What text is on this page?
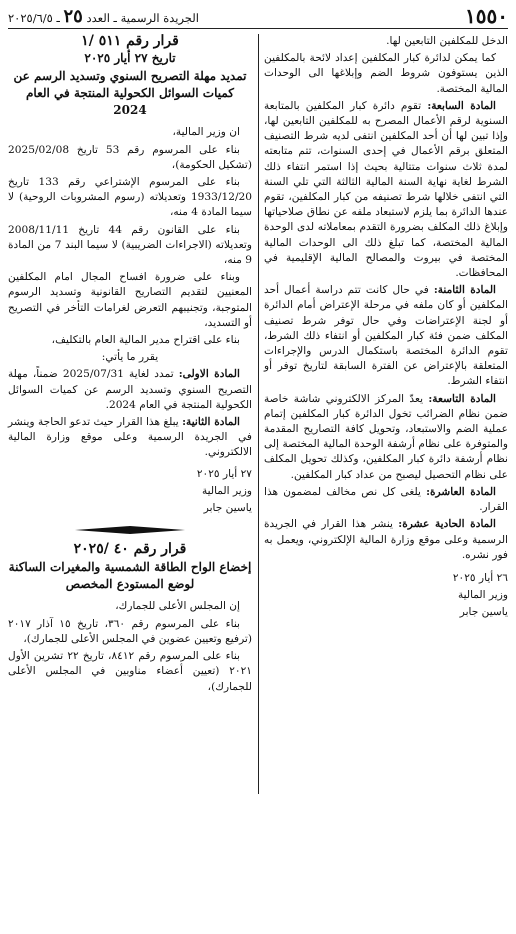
١٥٥٠
الجريدة الرسمية ـ العدد ٢٥ ـ ٢٠٢٥/٦/٥

الدخل للمكلفين التابعين لها.

كما يمكن لدائرة كبار المكلفين إعداد لائحة بالمكلفين الذين يستوفون شروط الضم وإبلاغها الى الوحدات المالية المختصة.

المادة السابعة: تقوم دائرة كبار المكلفين بالمتابعة السنوية لرقم الأعمال المصرح به للمكلفين التابعين لها، وإذا تبين لها أن أحد المكلفين انتفى لديه شرط التصنيف المتعلق برقم الأعمال في إحدى السنوات، تتم متابعته لمدة ثلاث سنوات متتالية بحيث إذا استمر انتفاء ذلك الشرط لغاية نهاية السنة المالية الثالثة التي تلي السنة التي انتفى خلالها شرط تصنيفه من كبار المكلفين، تقوم عندها الدائرة بما يلزم لاستبعاد ملفه عن نطاق صلاحياتها وإبلاغ ذلك المكلف بضرورة التقدم بمعاملاته لدى الوحدة المالية المختصة، كما تبلغ ذلك الى الوحدات المالية المختصة في بيروت والمصالح المالية الإقليمية في المحافظات.

المادة الثامنة: في حال كانت تتم دراسة أعمال أحد المكلفين أو كان ملفه في مرحلة الإعتراض أمام الدائرة أو لجنة الإعتراضات وفي حال توفر شرط تصنيف المكلف ضمن فئة كبار المكلفين أو انتفاء ذلك الشرط، تقوم الدائرة المختصة باستكمال الدرس والإجراءات المتعلقة بالإعتراض عن الفترة السابقة لتاريخ توفر أو انتفاء الشرط.

المادة التاسعة: يعدّ المركز الالكتروني شاشة خاصة ضمن نظام الضرائب تخول الدائرة كبار المكلفين إتمام عملية الضم والاستبعاد، وتحويل كافة التصاريح المقدمة والمتوفرة على نظام أرشفة الوحدة المالية المختصة إلى نظام أرشفة دائرة كبار المكلفين، وكذلك تحويل المكلف على نظام التحصيل ليصبح من عداد كبار المكلفين.

المادة العاشرة: يلغى كل نص مخالف لمضمون هذا القرار.

المادة الحادية عشرة: ينشر هذا القرار في الجريدة الرسمية وعلى موقع وزارة المالية الإلكتروني، ويعمل به فور نشره.

٢٦ أيار ٢٠٢٥

وزير المالية

ياسين جابر

قرار رقم ٥١١ /١
تاريخ ٢٧ أيار ٢٠٢٥
تمديد مهلة التصريح السنوي وتسديد الرسم عن كميات السوائل الكحولية المنتجة في العام 2024

ان وزير المالية،

بناء على المرسوم رقم 53 تاريخ 2025/02/08 (تشكيل الحكومة)،

بناء على المرسوم الإشتراعي رقم 133 تاريخ 1933/12/20 وتعديلاته (رسوم المشروبات الروحية) لا سيما المادة 4 منه،

بناء على القانون رقم 44 تاريخ 2008/11/11 وتعديلاته (الاجراءات الضريبية) لا سيما البند 7 من المادة 9 منه،

وبناء على ضرورة افساح المجال امام المكلفين المعنيين لتقديم التصاريح القانونية وتسديد الرسوم المتوجبة، وتجنيبهم التعرض لغرامات التأخر في التصريح أو التسديد،

بناء على اقتراح مدير المالية العام بالتكليف،

يقرر ما يأتي:

المادة الاولى: تمدد لغاية 2025/07/31 ضمناً، مهلة التصريح السنوي وتسديد الرسم عن كميات السوائل الكحولية المنتجة في العام 2024.

المادة الثانية: يبلغ هذا القرار حيث تدعو الحاجة وينشر في الجريدة الرسمية وعلى موقع وزارة المالية الالكتروني.

٢٧ أيار ٢٠٢٥

وزير المالية

ياسين جابر

قرار رقم ٤٠ /٢٠٢٥
إخضاع الواح الطاقة الشمسية والمغيرات الساكنة لوضع المستودع المخصص

إن المجلس الأعلى للجمارك،

بناء على المرسوم رقم ٣٦٠، تاريخ ١٥ آذار ٢٠١٧ (ترفيع وتعيين عضوين في المجلس الأعلى للجمارك)،

بناء على المرسوم رقم ٨٤١٢، تاريخ ٢٢ تشرين الأول ٢٠٢١ (تعيين أعضاء مناوبين في المجلس الأعلى للجمارك)،
